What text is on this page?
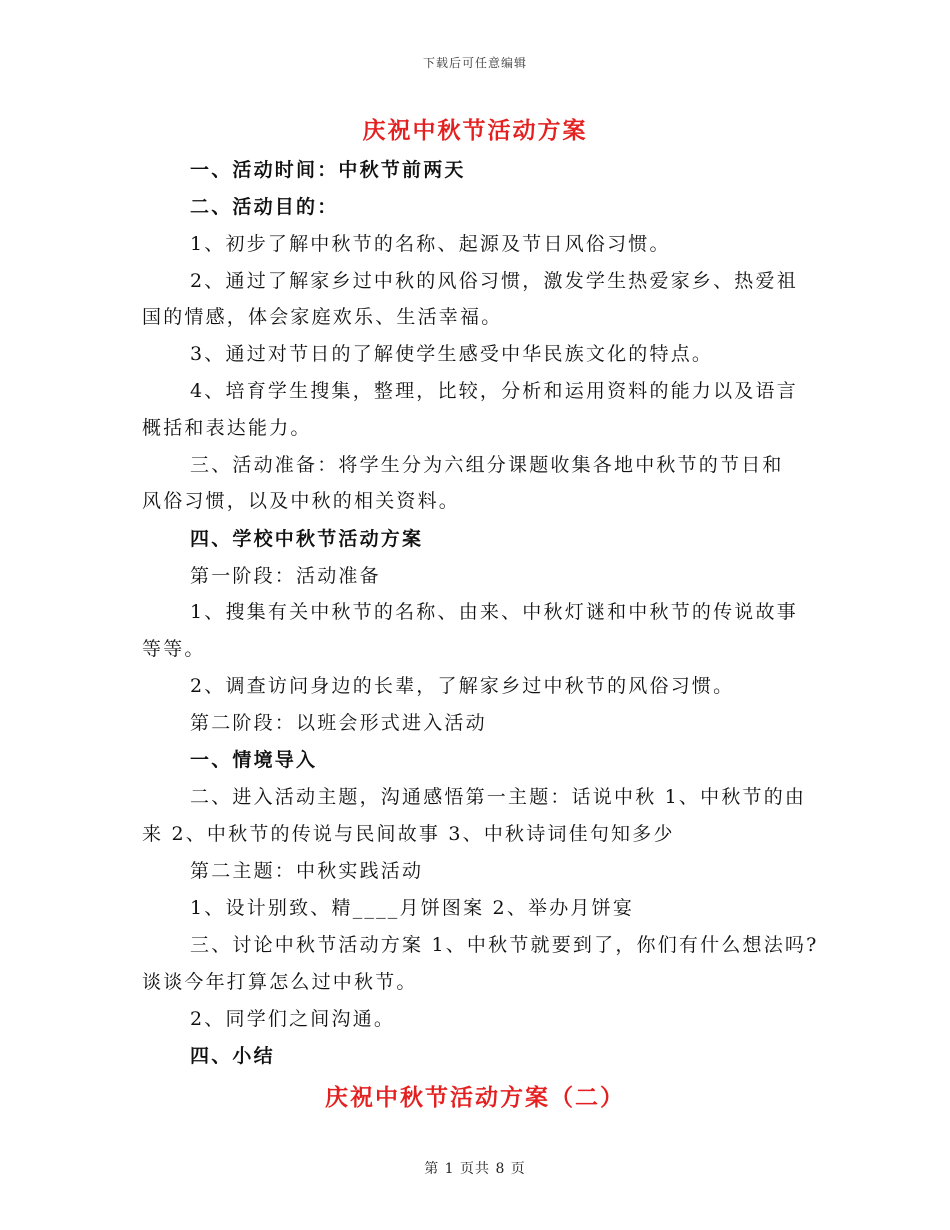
下载后可任意编辑
庆祝中秋节活动方案
一、活动时间：中秋节前两天
二、活动目的：
1、初步了解中秋节的名称、起源及节日风俗习惯。
2、通过了解家乡过中秋的风俗习惯，激发学生热爱家乡、热爱祖
国的情感，体会家庭欢乐、生活幸福。
3、通过对节日的了解使学生感受中华民族文化的特点。
4、培育学生搜集，整理，比较，分析和运用资料的能力以及语言
概括和表达能力。
三、活动准备：将学生分为六组分课题收集各地中秋节的节日和
风俗习惯，以及中秋的相关资料。
四、学校中秋节活动方案
第一阶段：活动准备
1、搜集有关中秋节的名称、由来、中秋灯谜和中秋节的传说故事
等等。
2、调查访问身边的长辈，了解家乡过中秋节的风俗习惯。
第二阶段：以班会形式进入活动
一、情境导入
二、进入活动主题，沟通感悟第一主题：话说中秋 1、中秋节的由
来 2、中秋节的传说与民间故事 3、中秋诗词佳句知多少
第二主题：中秋实践活动
1、设计别致、精____月饼图案 2、举办月饼宴
三、讨论中秋节活动方案 1、中秋节就要到了，你们有什么想法吗?
谈谈今年打算怎么过中秋节。
2、同学们之间沟通。
四、小结
庆祝中秋节活动方案（二）
第 1 页共 8 页
